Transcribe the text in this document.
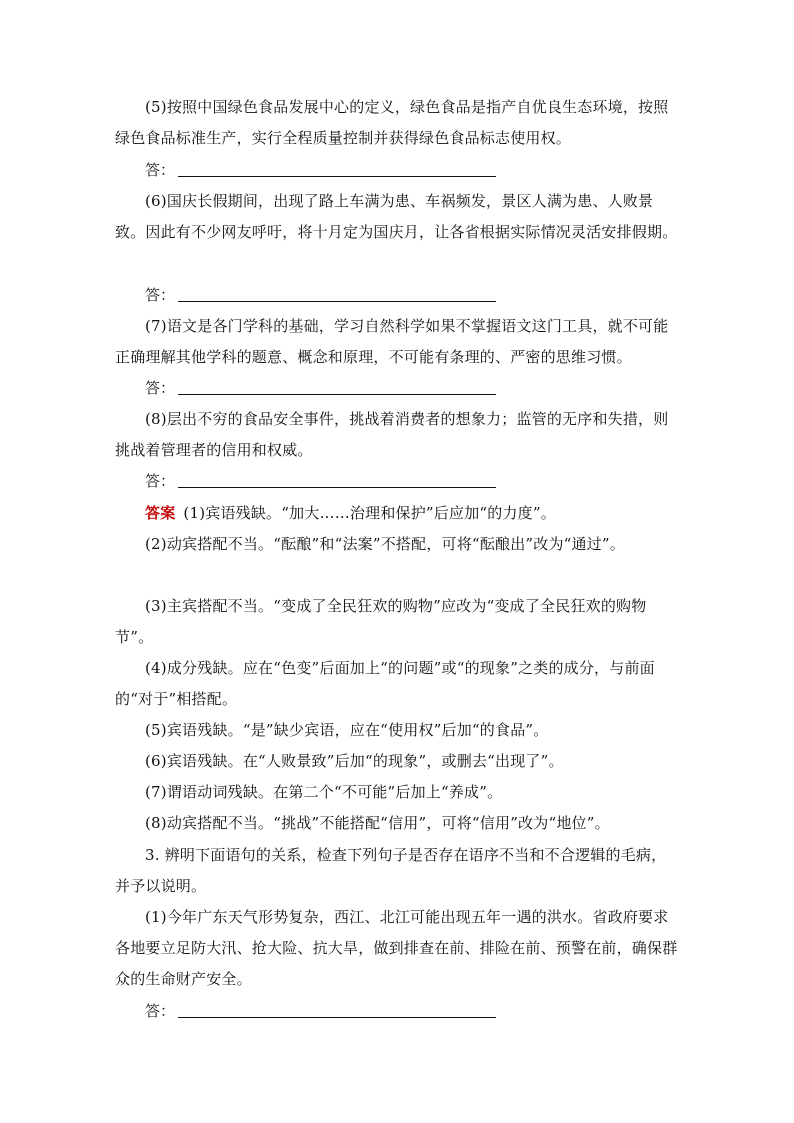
(5)按照中国绿色食品发展中心的定义，绿色食品是指产自优良生态环境，按照绿色食品标准生产，实行全程质量控制并获得绿色食品标志使用权。
答：
(6)国庆长假期间，出现了路上车满为患、车祸频发，景区人满为患、人败景致。因此有不少网友呼吁，将十月定为国庆月，让各省根据实际情况灵活安排假期。
答：
(7)语文是各门学科的基础，学习自然科学如果不掌握语文这门工具，就不可能正确理解其他学科的题意、概念和原理，不可能有条理的、严密的思维习惯。
答：
(8)层出不穷的食品安全事件，挑战着消费者的想象力；监管的无序和失措，则挑战着管理者的信用和权威。
答：
答案 (1)宾语残缺。“加大……治理和保护”后应加“的力度”。
(2)动宾搭配不当。“酝酿”和“法案”不搭配，可将“酝酿出”改为“通过”。
(3)主宾搭配不当。“变成了全民狂欢的购物”应改为“变成了全民狂欢的购物节”。
(4)成分残缺。应在“色变”后面加上“的问题”或“的现象”之类的成分，与前面的“对于”相搭配。
(5)宾语残缺。“是”缺少宾语，应在“使用权”后加“的食品”。
(6)宾语残缺。在“人败景致”后加“的现象”，或删去“出现了”。
(7)谓语动词残缺。在第二个“不可能”后加上“养成”。
(8)动宾搭配不当。“挑战”不能搭配“信用”，可将“信用”改为“地位”。
3. 辨明下面语句的关系，检查下列句子是否存在语序不当和不合逻辑的毛病，并予以说明。
(1)今年广东天气形势复杂，西江、北江可能出现五年一遇的洪水。省政府要求各地要立足防大汛、抢大险、抗大旱，做到排查在前、排险在前、预警在前，确保群众的生命财产安全。
答：
